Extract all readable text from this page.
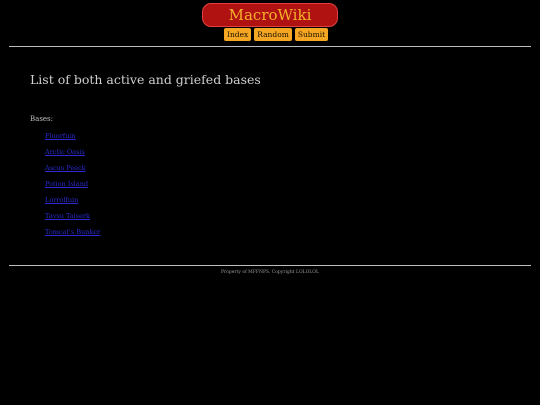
MacroWiki
Index	Random	Submit
List of both active and griefed bases
Bases:
Fluorfuin
Arctic Oasis
Ascus Peeck
Potion Island
Lorrolfuin
Tavsu Taiserk
Tomcat's Bunker
Property of MFFNPS. Copyright LOLOLOL
